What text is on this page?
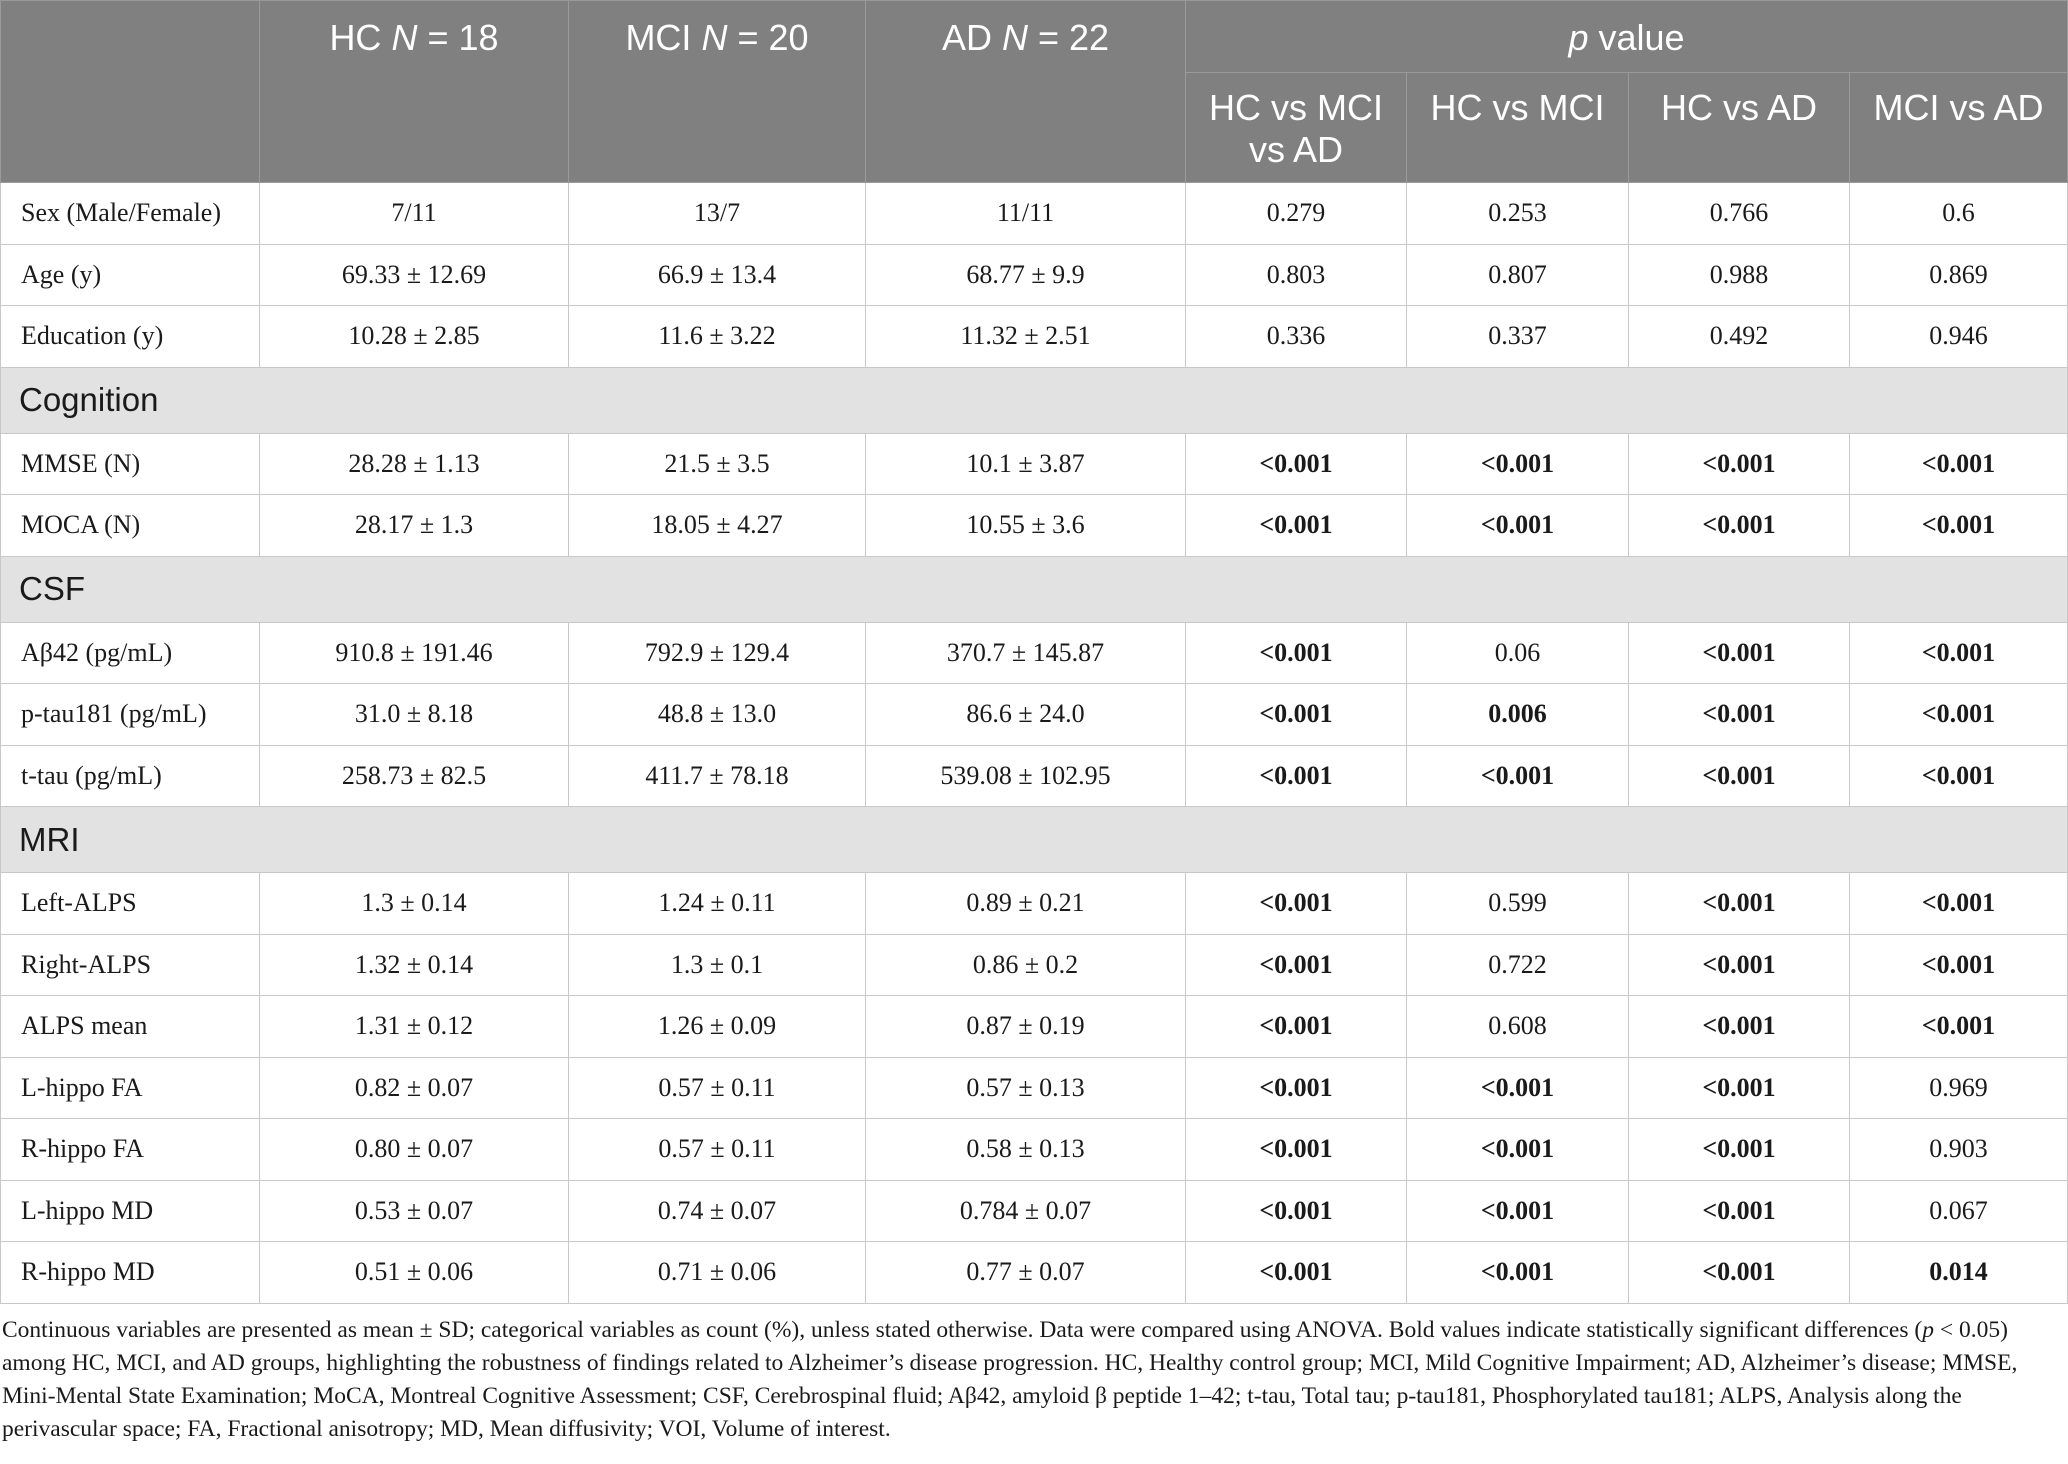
	HC N = 18	MCI N = 20	AD N = 22	p value			
				HC vs MCI vs AD	HC vs MCI	HC vs AD	MCI vs AD
Sex (Male/Female)	7/11	13/7	11/11	0.279	0.253	0.766	0.6
Age (y)	69.33 ± 12.69	66.9 ± 13.4	68.77 ± 9.9	0.803	0.807	0.988	0.869
Education (y)	10.28 ± 2.85	11.6 ± 3.22	11.32 ± 2.51	0.336	0.337	0.492	0.946
Cognition							
MMSE (N)	28.28 ± 1.13	21.5 ± 3.5	10.1 ± 3.87	<0.001	<0.001	<0.001	<0.001
MOCA (N)	28.17 ± 1.3	18.05 ± 4.27	10.55 ± 3.6	<0.001	<0.001	<0.001	<0.001
CSF							
Aβ42 (pg/mL)	910.8 ± 191.46	792.9 ± 129.4	370.7 ± 145.87	<0.001	0.06	<0.001	<0.001
p-tau181 (pg/mL)	31.0 ± 8.18	48.8 ± 13.0	86.6 ± 24.0	<0.001	0.006	<0.001	<0.001
t-tau (pg/mL)	258.73 ± 82.5	411.7 ± 78.18	539.08 ± 102.95	<0.001	<0.001	<0.001	<0.001
MRI							
Left-ALPS	1.3 ± 0.14	1.24 ± 0.11	0.89 ± 0.21	<0.001	0.599	<0.001	<0.001
Right-ALPS	1.32 ± 0.14	1.3 ± 0.1	0.86 ± 0.2	<0.001	0.722	<0.001	<0.001
ALPS mean	1.31 ± 0.12	1.26 ± 0.09	0.87 ± 0.19	<0.001	0.608	<0.001	<0.001
L-hippo FA	0.82 ± 0.07	0.57 ± 0.11	0.57 ± 0.13	<0.001	<0.001	<0.001	0.969
R-hippo FA	0.80 ± 0.07	0.57 ± 0.11	0.58 ± 0.13	<0.001	<0.001	<0.001	0.903
L-hippo MD	0.53 ± 0.07	0.74 ± 0.07	0.784 ± 0.07	<0.001	<0.001	<0.001	0.067
R-hippo MD	0.51 ± 0.06	0.71 ± 0.06	0.77 ± 0.07	<0.001	<0.001	<0.001	0.014
Continuous variables are presented as mean ± SD; categorical variables as count (%), unless stated otherwise. Data were compared using ANOVA. Bold values indicate statistically significant differences (p < 0.05) among HC, MCI, and AD groups, highlighting the robustness of findings related to Alzheimer’s disease progression. HC, Healthy control group; MCI, Mild Cognitive Impairment; AD, Alzheimer’s disease; MMSE, Mini-Mental State Examination; MoCA, Montreal Cognitive Assessment; CSF, Cerebrospinal fluid; Aβ42, amyloid β peptide 1–42; t-tau, Total tau; p-tau181, Phosphorylated tau181; ALPS, Analysis along the perivascular space; FA, Fractional anisotropy; MD, Mean diffusivity; VOI, Volume of interest.
